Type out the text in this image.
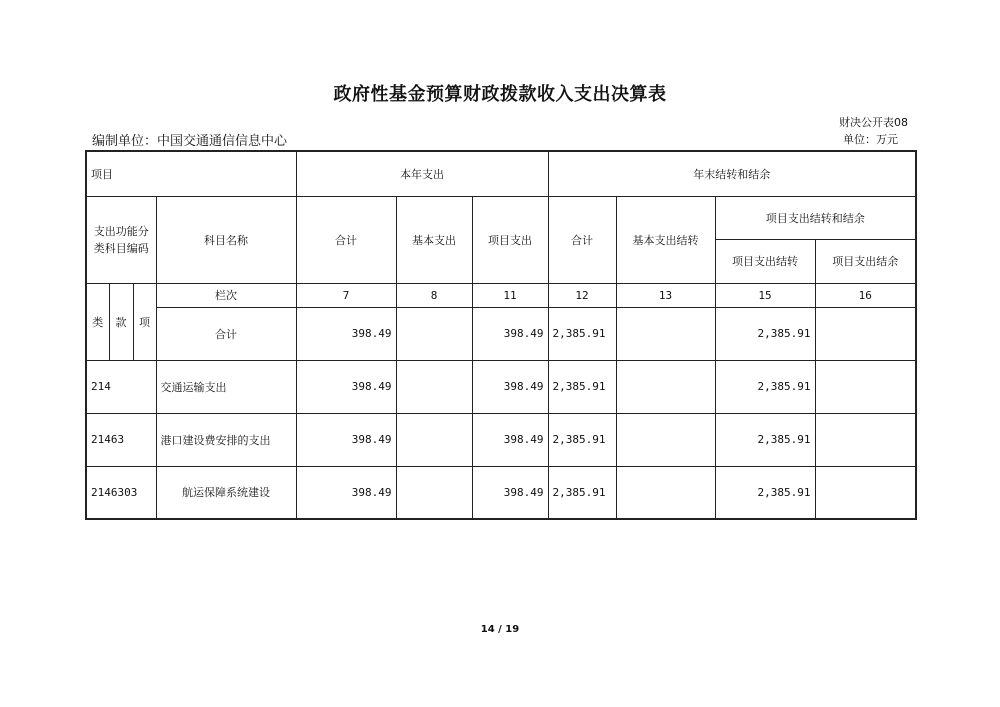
政府性基金预算财政拨款收入支出决算表
财决公开表08
编制单位：中国交通通信信息中心	单位：万元
项目				本年支出			年末结转和结余			
支出功能分类科目编码			科目名称	合计	基本支出	项目支出	合计	基本支出结转	项目支出结转和结余	
									项目支出结转	项目支出结余
类	款	项	栏次	7	8	11	12	13	15	16
			合计	398.49		398.49	2,385.91		2,385.91	
214			交通运输支出	398.49		398.49	2,385.91		2,385.91	
21463			港口建设费安排的支出	398.49		398.49	2,385.91		2,385.91	
2146303			航运保障系统建设	398.49		398.49	2,385.91		2,385.91	
14 / 19
